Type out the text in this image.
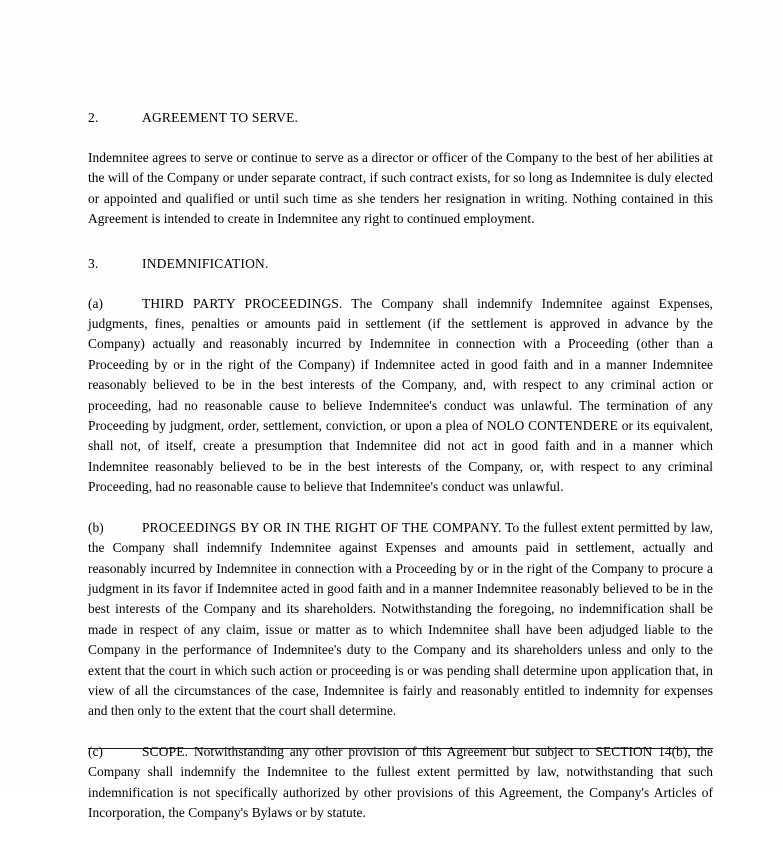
2.	AGREEMENT TO SERVE.
Indemnitee agrees to serve or continue to serve as a director or officer of the Company to the best of her abilities at the will of the Company or under separate contract, if such contract exists, for so long as Indemnitee is duly elected or appointed and qualified or until such time as she tenders her resignation in writing. Nothing contained in this Agreement is intended to create in Indemnitee any right to continued employment.
3.	INDEMNIFICATION.
(a)	THIRD PARTY PROCEEDINGS. The Company shall indemnify Indemnitee against Expenses, judgments, fines, penalties or amounts paid in settlement (if the settlement is approved in advance by the Company) actually and reasonably incurred by Indemnitee in connection with a Proceeding (other than a Proceeding by or in the right of the Company) if Indemnitee acted in good faith and in a manner Indemnitee reasonably believed to be in the best interests of the Company, and, with respect to any criminal action or proceeding, had no reasonable cause to believe Indemnitee's conduct was unlawful. The termination of any Proceeding by judgment, order, settlement, conviction, or upon a plea of NOLO CONTENDERE or its equivalent, shall not, of itself, create a presumption that Indemnitee did not act in good faith and in a manner which Indemnitee reasonably believed to be in the best interests of the Company, or, with respect to any criminal Proceeding, had no reasonable cause to believe that Indemnitee's conduct was unlawful.
(b)	PROCEEDINGS BY OR IN THE RIGHT OF THE COMPANY. To the fullest extent permitted by law, the Company shall indemnify Indemnitee against Expenses and amounts paid in settlement, actually and reasonably incurred by Indemnitee in connection with a Proceeding by or in the right of the Company to procure a judgment in its favor if Indemnitee acted in good faith and in a manner Indemnitee reasonably believed to be in the best interests of the Company and its shareholders. Notwithstanding the foregoing, no indemnification shall be made in respect of any claim, issue or matter as to which Indemnitee shall have been adjudged liable to the Company in the performance of Indemnitee's duty to the Company and its shareholders unless and only to the extent that the court in which such action or proceeding is or was pending shall determine upon application that, in view of all the circumstances of the case, Indemnitee is fairly and reasonably entitled to indemnity for expenses and then only to the extent that the court shall determine.
(c)	SCOPE. Notwithstanding any other provision of this Agreement but subject to SECTION 14(b), the Company shall indemnify the Indemnitee to the fullest extent permitted by law, notwithstanding that such indemnification is not specifically authorized by other provisions of this Agreement, the Company's Articles of Incorporation, the Company's Bylaws or by statute.
